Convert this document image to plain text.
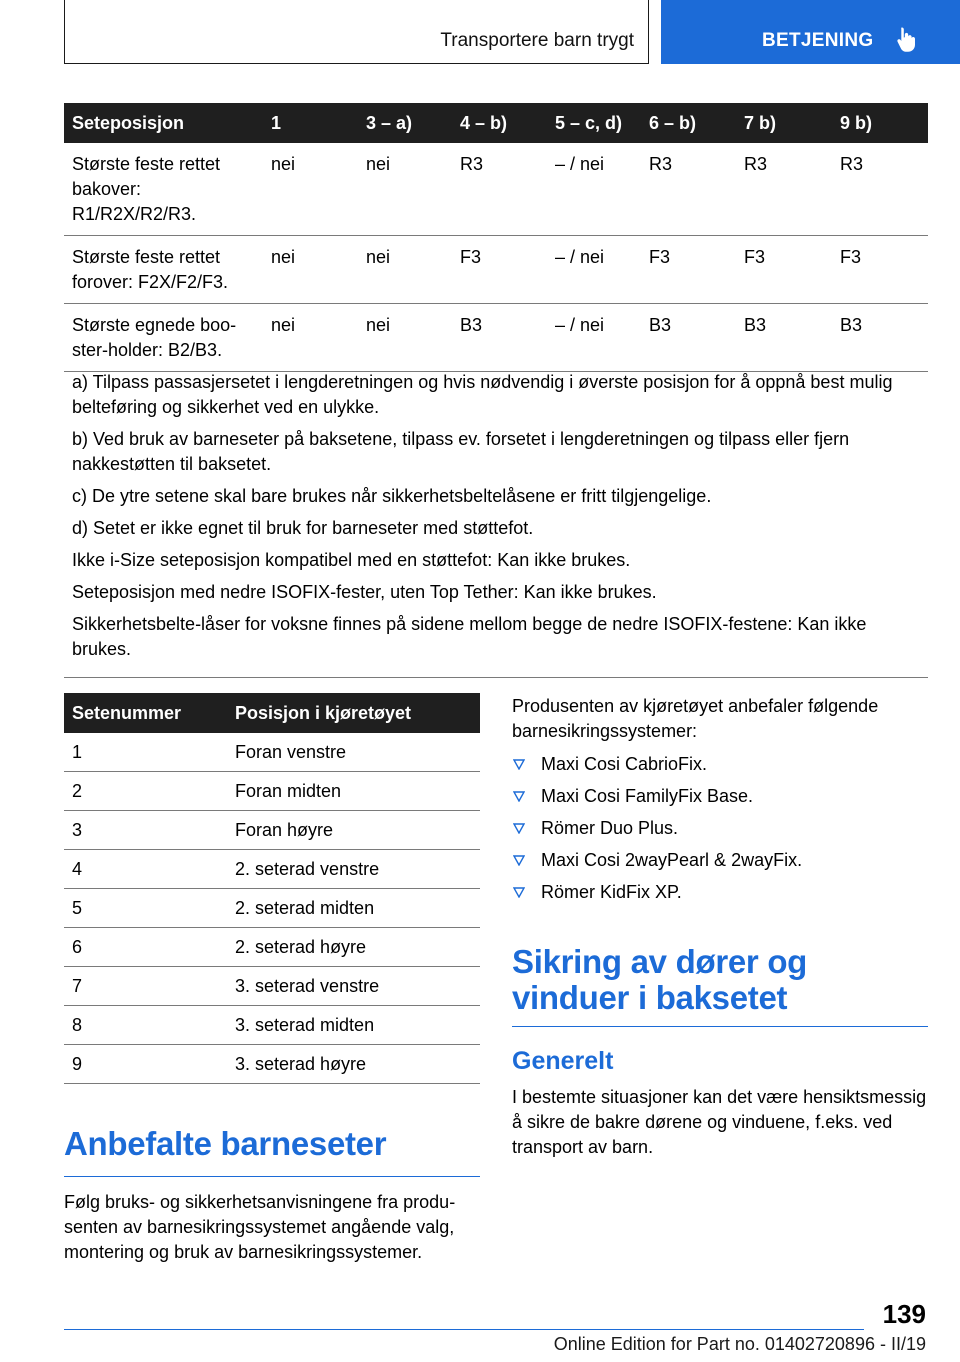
Transportere barn trygt	BETJENING
Seteposisjon	1	3 – a)	4 – b)	5 – c, d)	6 – b)	7 b)	9 b)
Største feste rettet bakover: R1/R2X/R2/R3.	nei	nei	R3	– / nei	R3	R3	R3
Største feste rettet forover: F2X/F2/F3.	nei	nei	F3	– / nei	F3	F3	F3
Største egnede booster-holder: B2/B3.	nei	nei	B3	– / nei	B3	B3	B3

a) Tilpass passasjersetet i lengderetningen og hvis nødvendig i øverste posisjon for å oppnå best mulig belteføring og sikkerhet ved en ulykke.

b) Ved bruk av barneseter på baksetene, tilpass ev. forsetet i lengderetningen og tilpass eller fjern nakkestøtten til baksetet.

c) De ytre setene skal bare brukes når sikkerhetsbeltelåsene er fritt tilgjengelige.

d) Setet er ikke egnet til bruk for barneseter med støttefot.

Ikke i-Size seteposisjon kompatibel med en støttefot: Kan ikke brukes.

Seteposisjon med nedre ISOFIX-fester, uten Top Tether: Kan ikke brukes.

Sikkerhetsbelte-låser for voksne finnes på sidene mellom begge de nedre ISOFIX-festene: Kan ikke brukes.

Setenummer	Posisjon i kjøretøyet
1	Foran venstre
2	Foran midten
3	Foran høyre
4	2. seterad venstre
5	2. seterad midten
6	2. seterad høyre
7	3. seterad venstre
8	3. seterad midten
9	3. seterad høyre
Anbefalte barneseter

Følg bruks- og sikkerhetsanvisningene fra produsenten av barnesikringssystemet angående valg, montering og bruk av barnesikringssystemer.

Produsenten av kjøretøyet anbefaler følgende barnesikringssystemer:

Maxi Cosi CabrioFix.
Maxi Cosi FamilyFix Base.
Römer Duo Plus.
Maxi Cosi 2wayPearl & 2wayFix.
Römer KidFix XP.
Sikring av dører og vinduer i baksetet
Generelt

I bestemte situasjoner kan det være hensiktsmessig å sikre de bakre dørene og vinduene, f.eks. ved transport av barn.

139
Online Edition for Part no. 01402720896 - II/19
